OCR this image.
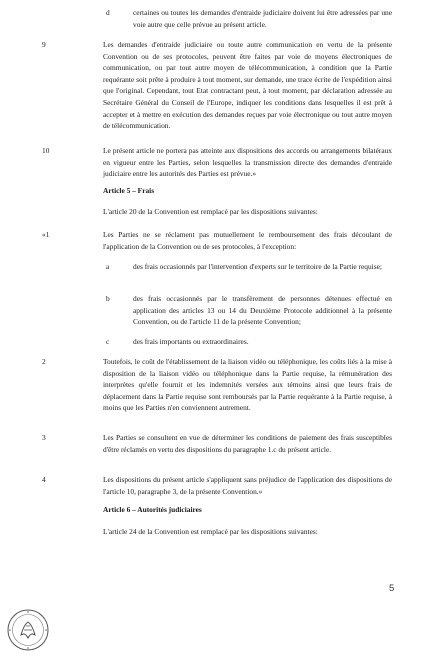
d	certaines ou toutes les demandes d'entraide judiciaire doivent lui être adressées par une voie autre que celle prévue au présent article.
9	Les demandes d'entraide judiciaire ou toute autre communication en vertu de la présente Convention ou de ses protocoles, peuvent être faites par voie de moyens électroniques de communication, ou par tout autre moyen de télécommunication, à condition que la Partie requérante soit prête à produire à tout moment, sur demande, une trace écrite de l'expédition ainsi que l'original. Cependant, tout Etat contractant peut, à tout moment, par déclaration adressée au Secrétaire Général du Conseil de l'Europe, indiquer les conditions dans lesquelles il est prêt à accepter et à mettre en exécution des demandes reçues par voie électronique ou tout autre moyen de télécommunication.
10	Le présent article ne portera pas atteinte aux dispositions des accords ou arrangements bilatéraux en vigueur entre les Parties, selon lesquelles la transmission directe des demandes d'entraide judiciaire entre les autorités des Parties est prévue.»
Article 5 – Frais
L'article 20 de la Convention est remplacé par les dispositions suivantes:
«1	Les Parties ne se réclament pas mutuellement le remboursement des frais découlant de l'application de la Convention ou de ses protocoles, à l'exception:
a	des frais occasionnés par l'intervention d'experts sur le territoire de la Partie requise;
b	des frais occasionnés par le transfèrement de personnes détenues effectué en application des articles 13 ou 14 du Deuxième Protocole additionnel à la présente Convention, ou de l'article 11 de la présente Convention;
c	des frais importants ou extraordinaires.
2	Toutefois, le coût de l'établissement de la liaison vidéo ou téléphonique, les coûts liés à la mise à disposition de la liaison vidéo ou téléphonique dans la Partie requise, la rémunération des interprètes qu'elle fournit et les indemnités versées aux témoins ainsi que leurs frais de déplacement dans la Partie requise sont remboursés par la Partie requérante à la Partie requise, à moins que les Parties n'en conviennent autrement.
3	Les Parties se consultent en vue de déterminer les conditions de paiement des frais susceptibles d'être réclamés en vertu des dispositions du paragraphe 1.c du présent article.
4	Les dispositions du présent article s'appliquent sans préjudice de l'application des dispositions de l'article 10, paragraphe 3, de la présente Convention.»
Article 6 – Autorités judiciaires
L'article 24 de la Convention est remplacé par les dispositions suivantes:
5
